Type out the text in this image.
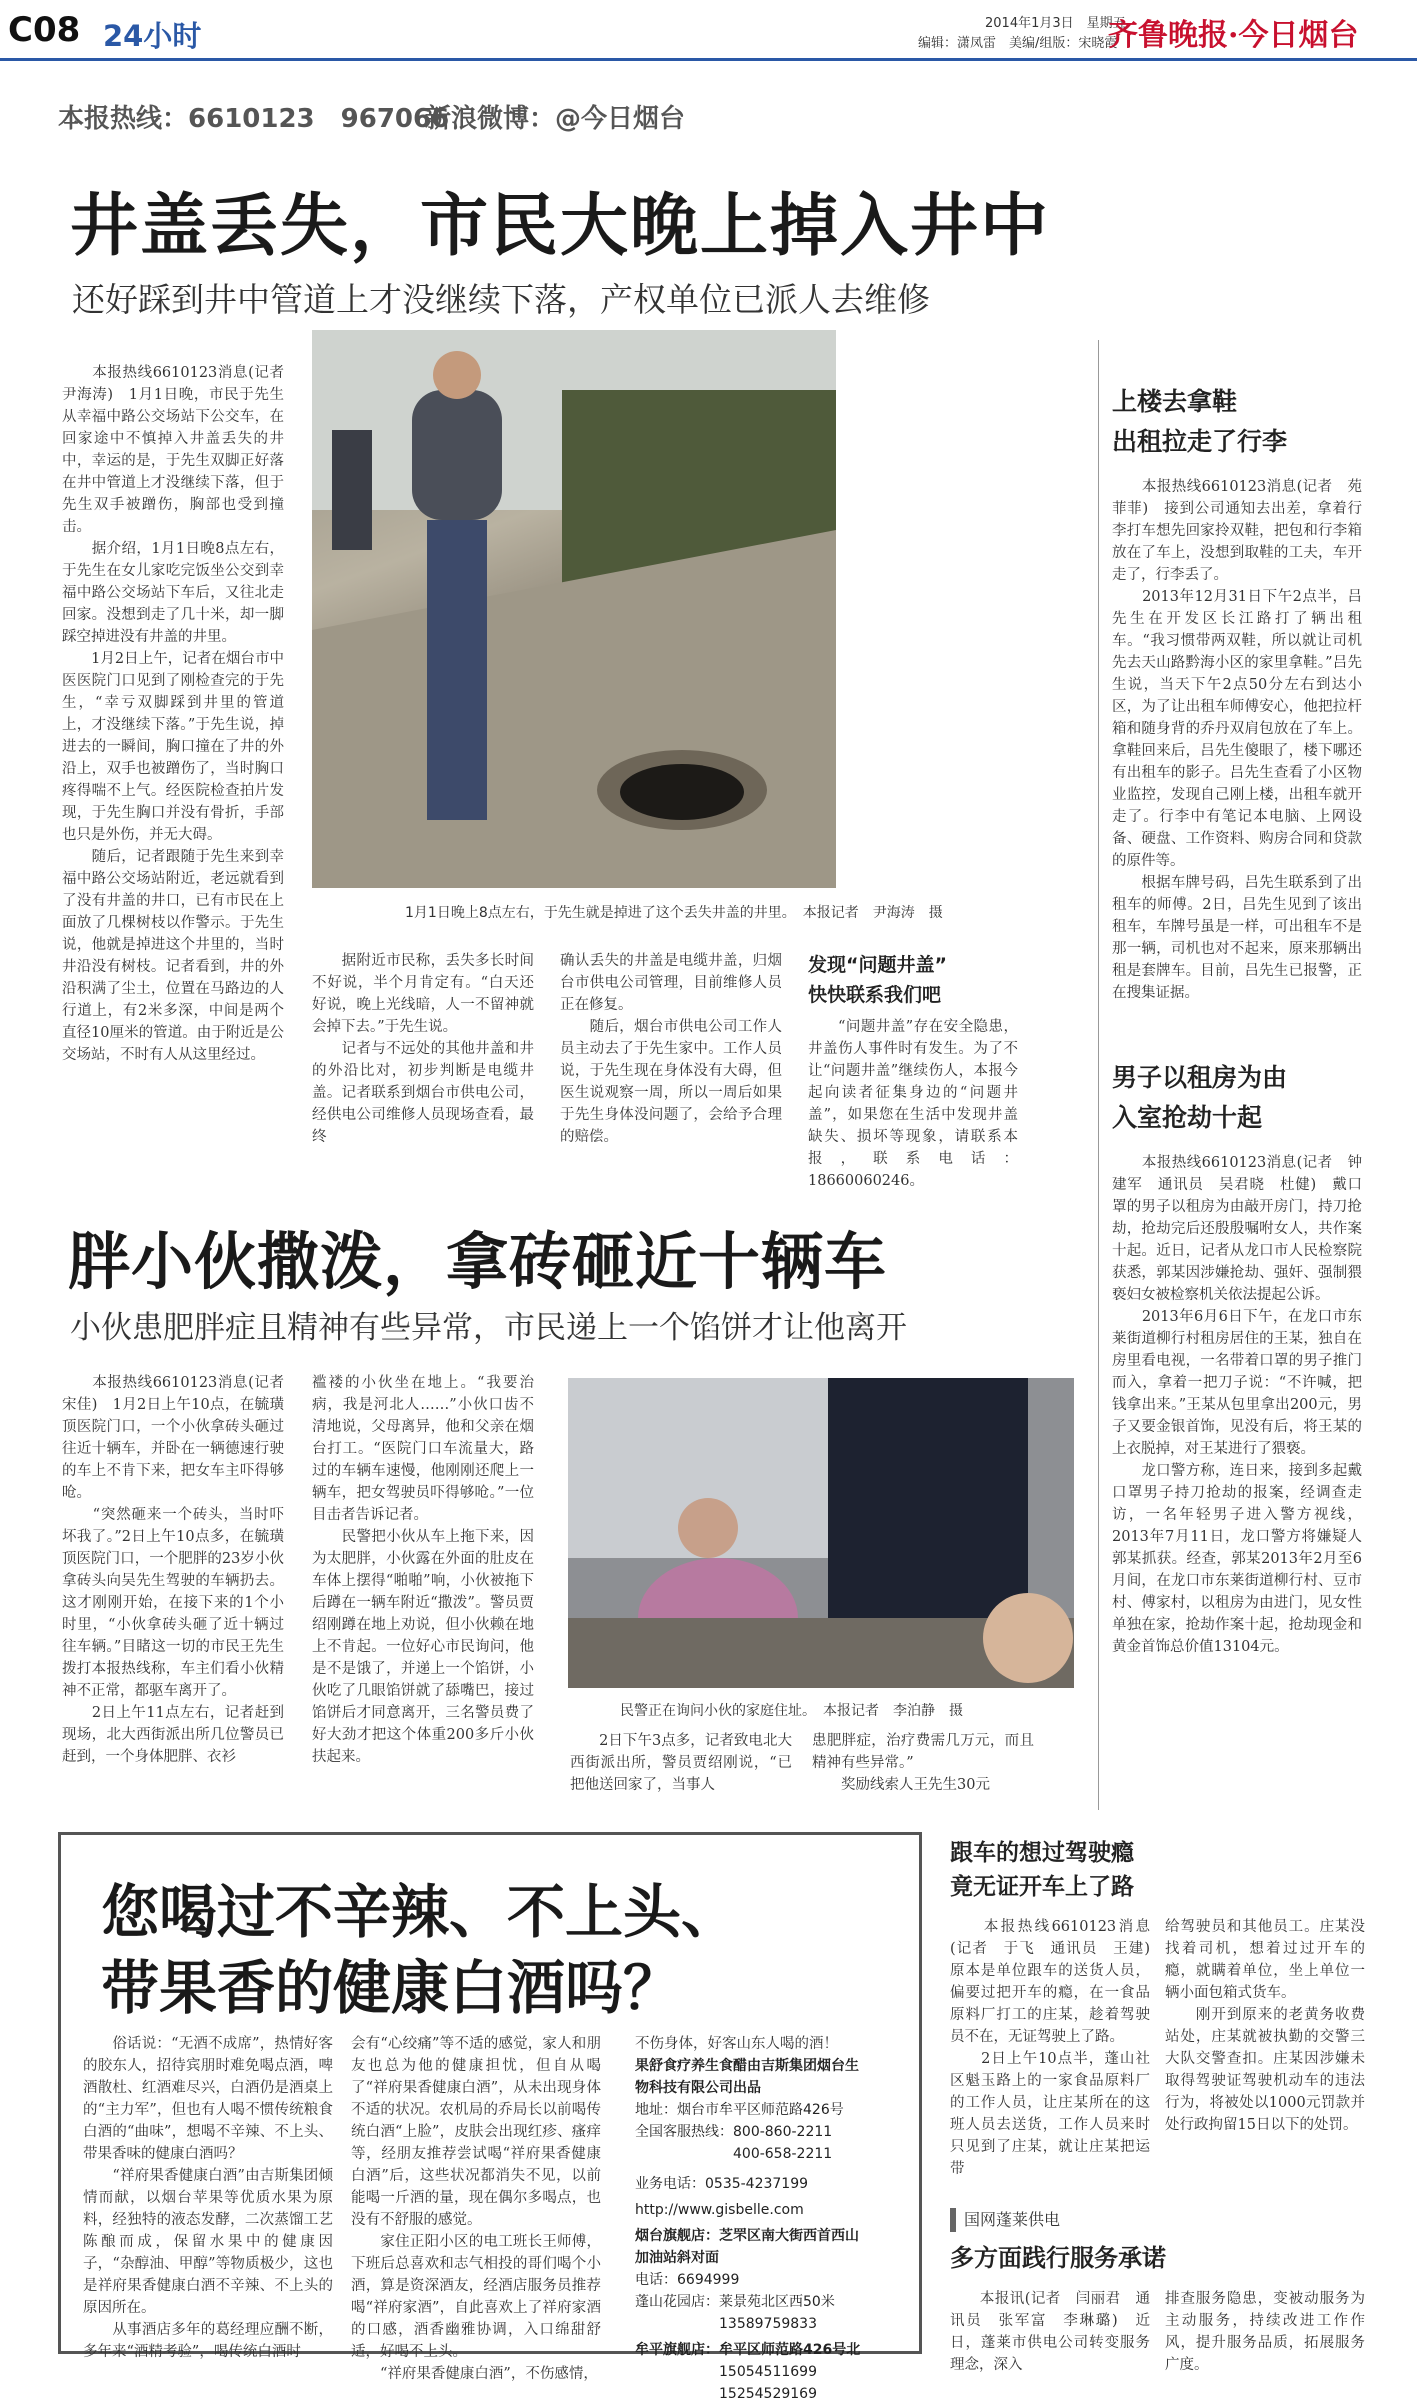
C08 24小时	2014年1月3日　星期五
编辑：潇凤雷　美编/组版：宋晓霞
齐鲁晚报·今日烟台
本报热线：6610123　967066
新浪微博：@今日烟台
井盖丢失，市民大晚上掉入井中
还好踩到井中管道上才没继续下落，产权单位已派人去维修
　　本报热线6610123消息(记者　尹海涛)　1月1日晚，市民于先生从幸福中路公交场站下公交车，在回家途中不慎掉入井盖丢失的井中，幸运的是，于先生双脚正好落在井中管道上才没继续下落，但于先生双手被蹭伤，胸部也受到撞击。
　　据介绍，1月1日晚8点左右，于先生在女儿家吃完饭坐公交到幸福中路公交场站下车后，又往北走回家。没想到走了几十米，却一脚踩空掉进没有井盖的井里。
　　1月2日上午，记者在烟台市中医医院门口见到了刚检查完的于先生，“幸亏双脚踩到井里的管道上，才没继续下落。”于先生说，掉进去的一瞬间，胸口撞在了井的外沿上，双手也被蹭伤了，当时胸口疼得喘不上气。经医院检查拍片发现，于先生胸口并没有骨折，手部也只是外伤，并无大碍。
　　随后，记者跟随于先生来到幸福中路公交场站附近，老远就看到了没有井盖的井口，已有市民在上面放了几棵树枝以作警示。于先生说，他就是掉进这个井里的，当时井沿没有树枝。记者看到，井的外沿积满了尘土，位置在马路边的人行道上，有2米多深，中间是两个直径10厘米的管道。由于附近是公交场站，不时有人从这里经过。
1月1日晚上8点左右，于先生就是掉进了这个丢失井盖的井里。　本报记者　尹海涛　摄
　　据附近市民称，丢失多长时间不好说，半个月肯定有。“白天还好说，晚上光线暗，人一不留神就会掉下去。”于先生说。
　　记者与不远处的其他井盖和井的外沿比对，初步判断是电缆井盖。记者联系到烟台市供电公司，经供电公司维修人员现场查看，最终
确认丢失的井盖是电缆井盖，归烟台市供电公司管理，目前维修人员正在修复。
　　随后，烟台市供电公司工作人员主动去了于先生家中。工作人员说，于先生现在身体没有大碍，但医生说观察一周，所以一周后如果于先生身体没问题了，会给予合理的赔偿。
发现“问题井盖”
快快联系我们吧
　　“问题井盖”存在安全隐患，井盖伤人事件时有发生。为了不让“问题井盖”继续伤人，本报今起向读者征集身边的“问题井盖”，如果您在生活中发现井盖缺失、损坏等现象，请联系本报，联系电话：18660060246。
上楼去拿鞋
出租拉走了行李
　　本报热线6610123消息(记者　苑菲菲)　接到公司通知去出差，拿着行李打车想先回家拎双鞋，把包和行李箱放在了车上，没想到取鞋的工夫，车开走了，行李丢了。
　　2013年12月31日下午2点半，吕先生在开发区长江路打了辆出租车。“我习惯带两双鞋，所以就让司机先去天山路黔海小区的家里拿鞋。”吕先生说，当天下午2点50分左右到达小区，为了让出租车师傅安心，他把拉杆箱和随身背的乔丹双肩包放在了车上。拿鞋回来后，吕先生傻眼了，楼下哪还有出租车的影子。吕先生查看了小区物业监控，发现自己刚上楼，出租车就开走了。行李中有笔记本电脑、上网设备、硬盘、工作资料、购房合同和贷款的原件等。
　　根据车牌号码，吕先生联系到了出租车的师傅。2日，吕先生见到了该出租车，车牌号虽是一样，可出租车不是那一辆，司机也对不起来，原来那辆出租是套牌车。目前，吕先生已报警，正在搜集证据。
男子以租房为由
入室抢劫十起
　　本报热线6610123消息(记者　钟建军　通讯员　吴君晓　杜健)　戴口罩的男子以租房为由敲开房门，持刀抢劫，抢劫完后还殷殷嘱咐女人，共作案十起。近日，记者从龙口市人民检察院获悉，郭某因涉嫌抢劫、强奸、强制猥亵妇女被检察机关依法提起公诉。
　　2013年6月6日下午，在龙口市东莱街道柳行村租房居住的王某，独自在房里看电视，一名带着口罩的男子推门而入，拿着一把刀子说：“不许喊，把钱拿出来。”王某从包里拿出200元，男子又要金银首饰，见没有后，将王某的上衣脱掉，对王某进行了猥亵。
　　龙口警方称，连日来，接到多起戴口罩男子持刀抢劫的报案，经调查走访，一名年轻男子进入警方视线，2013年7月11日，龙口警方将嫌疑人郭某抓获。经查，郭某2013年2月至6月间，在龙口市东莱街道柳行村、豆市村、傅家村，以租房为由进门，见女性单独在家，抢劫作案十起，抢劫现金和黄金首饰总价值13104元。
胖小伙撒泼，拿砖砸近十辆车
小伙患肥胖症且精神有些异常，市民递上一个馅饼才让他离开
　　本报热线6610123消息(记者　宋佳)　1月2日上午10点，在毓璜顶医院门口，一个小伙拿砖头砸过往近十辆车，并卧在一辆德速行驶的车上不肯下来，把女车主吓得够呛。
　　“突然砸来一个砖头，当时吓坏我了。”2日上午10点多，在毓璜顶医院门口，一个肥胖的23岁小伙拿砖头向吴先生驾驶的车辆扔去。这才刚刚开始，在接下来的1个小时里，“小伙拿砖头砸了近十辆过往车辆。”目睹这一切的市民王先生拨打本报热线称，车主们看小伙精神不正常，都驱车离开了。
　　2日上午11点左右，记者赶到现场，北大西街派出所几位警员已赶到，一个身体肥胖、衣衫
褴褛的小伙坐在地上。“我要治病，我是河北人……”小伙口齿不清地说，父母离异，他和父亲在烟台打工。“医院门口车流量大，路过的车辆车速慢，他刚刚还爬上一辆车，把女驾驶员吓得够呛。”一位目击者告诉记者。
　　民警把小伙从车上拖下来，因为太肥胖，小伙露在外面的肚皮在车体上摆得“啪啪”响，小伙被拖下后蹲在一辆车附近“撒泼”。警员贾绍刚蹲在地上劝说，但小伙赖在地上不肯起。一位好心市民询问，他是不是饿了，并递上一个馅饼，小伙吃了几眼馅饼就了舔嘴巴，接过馅饼后才同意离开，三名警员费了好大劲才把这个体重200多斤小伙扶起来。
民警正在询问小伙的家庭住址。　本报记者　李泊静　摄
　　2日下午3点多，记者致电北大西街派出所，警员贾绍刚说，“已把他送回家了，当事人
患肥胖症，治疗费需几万元，而且精神有些异常。”
　　奖励线索人王先生30元
您喝过不辛辣、不上头、
带果香的健康白酒吗？
　　俗话说：“无酒不成席”，热情好客的胶东人，招待宾朋时难免喝点酒，啤酒散杜、红酒难尽兴，白酒仍是酒桌上的“主力军”，但也有人喝不惯传统粮食白酒的“曲味”，想喝不辛辣、不上头、带果香味的健康白酒吗？
　　“祥府果香健康白酒”由吉斯集团倾情而献，以烟台苹果等优质水果为原料，经独特的液态发酵，二次蒸馏工艺陈酿而成，保留水果中的健康因子，“杂醇油、甲醇”等物质极少，这也是祥府果香健康白酒不辛辣、不上头的原因所在。
　　从事酒店多年的葛经理应酬不断，多年来“酒精考验”，喝传统白酒时
会有“心绞痛”等不适的感觉，家人和朋友也总为他的健康担忧，但自从喝了“祥府果香健康白酒”，从未出现身体不适的状况。农机局的乔局长以前喝传统白酒“上脸”，皮肤会出现红疹、瘙痒等，经朋友推荐尝试喝“祥府果香健康白酒”后，这些状况都消失不见，以前能喝一斤酒的量，现在偶尔多喝点，也没有不舒服的感觉。
　　家住正阳小区的电工班长王师傅，下班后总喜欢和志气相投的哥们喝个小酒，算是资深酒友，经酒店服务员推荐喝“祥府家酒”，自此喜欢上了祥府家酒的口感，酒香幽雅协调，入口绵甜舒适，好喝不上头。
　　“祥府果香健康白酒”，不伤感情，
不伤身体，好客山东人喝的酒！
果舒食疗养生食醋由吉斯集团烟台生
物科技有限公司出品
地址：烟台市牟平区师范路426号
全国客服热线：800-860-2211
400-658-2211
业务电话：0535-4237199
http://www.gisbelle.com
烟台旗舰店：芝罘区南大街西首西山
加油站斜对面
电话：6694999
蓬山花园店：莱景苑北区西50米
13589759833
牟平旗舰店：牟平区师范路426号北
15054511699　15254529169
跟车的想过驾驶瘾
竟无证开车上了路
　　本报热线6610123消息(记者　于飞　通讯员　王建)　原本是单位跟车的送货人员，偏要过把开车的瘾，在一食品原料厂打工的庄某，趁着驾驶员不在，无证驾驶上了路。
　　2日上午10点半，蓬山社区魁玉路上的一家食品原料厂的工作人员，让庄某所在的这班人员去送货，工作人员来时只见到了庄某，就让庄某把运带
给驾驶员和其他员工。庄某没找着司机，想着过过开车的瘾，就瞒着单位，坐上单位一辆小面包箱式货车。
　　刚开到原来的老黄务收费站处，庄某就被执勤的交警三大队交警查扣。庄某因涉嫌未取得驾驶证驾驶机动车的违法行为，将被处以1000元罚款并处行政拘留15日以下的处罚。
国网蓬莱供电
多方面践行服务承诺
　　本报讯(记者　闫丽君　通讯员　张军富　李琳璐)　近日，蓬莱市供电公司转变服务理念，深入
排查服务隐患，变被动服务为主动服务，持续改进工作作风，提升服务品质，拓展服务广度。
